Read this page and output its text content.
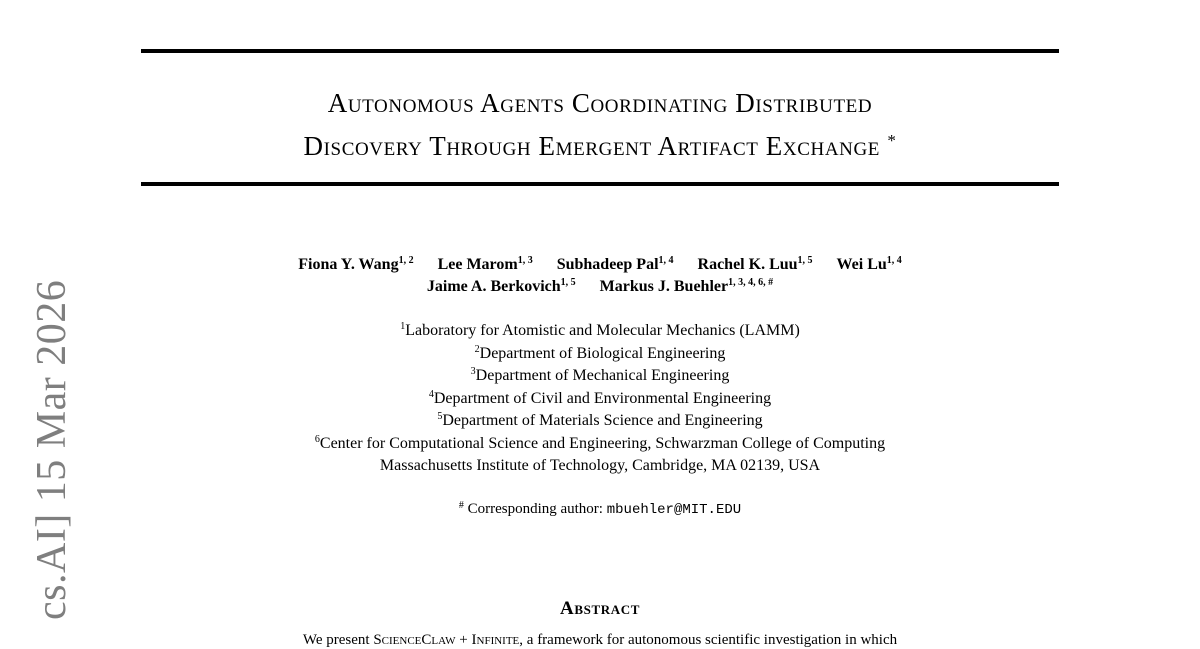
cs.AI] 15 Mar 2026
Autonomous Agents Coordinating Distributed
Discovery Through Emergent Artifact Exchange *
Fiona Y. Wang$^{1, 2}$ Lee Marom$^{1, 3}$ Subhadeep Pal$^{1, 4}$ Rachel K. Luu$^{1, 5}$ Wei Lu$^{1, 4}$
Jaime A. Berkovich$^{1, 5}$ Markus J. Buehler$^{1, 3, 4, 6, \#}$
$^1$Laboratory for Atomistic and Molecular Mechanics (LAMM)
$^2$Department of Biological Engineering
$^3$Department of Mechanical Engineering
$^4$Department of Civil and Environmental Engineering
$^5$Department of Materials Science and Engineering
$^6$Center for Computational Science and Engineering, Schwarzman College of Computing
Massachusetts Institute of Technology, Cambridge, MA 02139, USA
# Corresponding author: mbuehler@MIT.EDU
Abstract
We present ScienceClaw + Infinite, a framework for autonomous scientific investigation in which
